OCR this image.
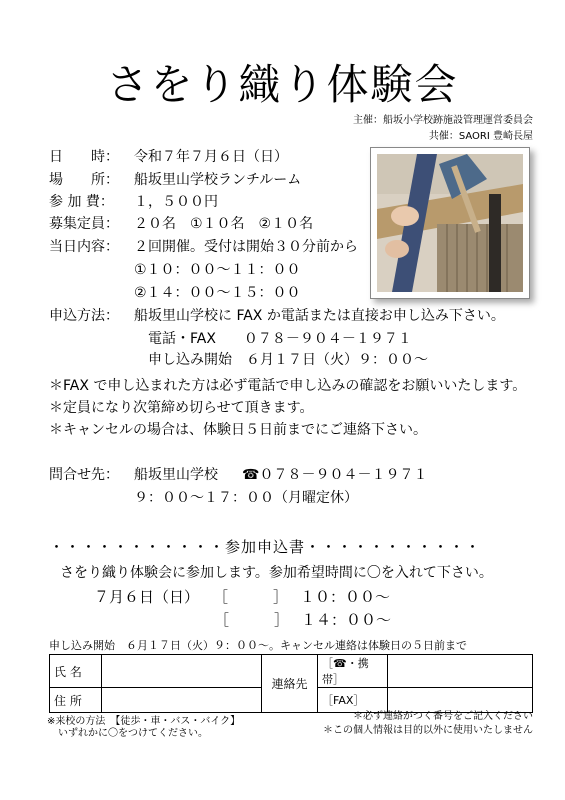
さをり織り体験会
主催：船坂小学校跡施設管理運営委員会
共催：SAORI 豊崎長屋
日　　時： 令和７年７月６日（日）
場　　所： 船坂里山学校ランチルーム
参 加 費： １，５００円
募集定員： ２０名　①１０名　②１０名
当日内容： ２回開催。受付は開始３０分前から
①１０：００～１１：００
②１４：００～１５：００
申込方法： 船坂里山学校に FAX か電話または直接お申し込み下さい。
電話・FAX　　０７８－９０４－１９７１
申し込み開始　６月１７日（火）９：００～
＊FAX で申し込まれた方は必ず電話で申し込みの確認をお願いいたします。
＊定員になり次第締め切らせて頂きます。
＊キャンセルの場合は、体験日５日前までにご連絡下さい。
問合せ先： 船坂里山学校 ☎０７８－９０４－１９７１
９：００～１７：００（月曜定休）
・・・・・・・・・・・参加申込書・・・・・・・・・・・
さをり織り体験会に参加します。参加希望時間に〇を入れて下さい。
７月６日（日） ［　　　］ １０：００～
［　　　］ １４：００～
申し込み開始　６月１７日（火）９：００～。キャンセル連絡は体験日の５日前まで
氏 名		連絡先	［☎・携帯］	
住 所			［FAX］	
※来校の方法　【徒歩・車・バス・バイク】
いずれかに〇をつけてください。
＊必ず連絡がつく番号をご記入ください
＊この個人情報は目的以外に使用いたしません
